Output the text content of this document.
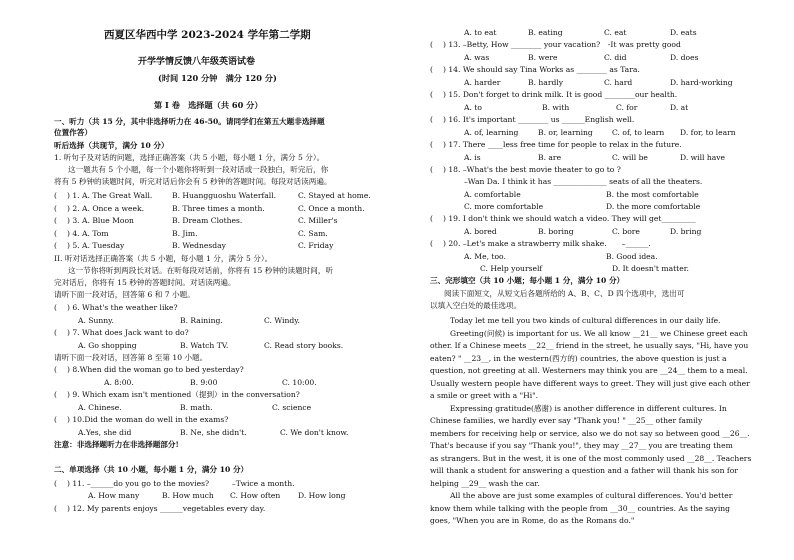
西夏区华西中学 2023-2024 学年第二学期
开学学情反馈八年级英语试卷
(时间 120 分钟　满分 120 分)
第 I 卷　选择题（共 60 分）
一、听力（共 15 分，其中非选择听力在 46-50。请同学们在第五大题非选择题
位置作答）
听后选择（共现节，满分 10 分）
1. 听句子及对话的问题，选择正确答案（共 5 小题，每小题 1 分，满分 5 分）。
这一题共有 5 个小题，每一个小题你将听到一段对话或一段独白，听完后，你
将有 5 秒钟的读题时间，听完对话后你会有 5 秒钟的答题时间。每段对话读两遍。
(　 ) 1. A. The Great Wall.	B. Huangguoshu Waterfall.	C. Stayed at home.
(　 ) 2. A. Once a week.	B. Three times a month.	C. Once a month.
(　 ) 3. A. Blue Moon	B. Dream Clothes.	C. Miller's
(　 ) 4. A. Tom	B. Jim.	C. Sam.
(　 ) 5. A. Tuesday	B. Wednesday	C. Friday
II. 听对话选择正确答案（共 5 小题，每小题 1 分，满分 5 分）。
这一节你将听到两段长对话。在听每段对话前，你将有 15 秒钟的读题时间，听
完对话后，你将有 15 秒钟的答题时间。对话读两遍。
请听下面一段对话，回答第 6 和 7 小题。
(　 ) 6. What's the weather like?
A. Sunny.	B. Raining.	C. Windy.
(　 ) 7. What does Jack want to do?
A. Go shopping	B. Watch TV.	C. Read story books.
请听下面一段对话，回答第 8 至第 10 小题。
(　 ) 8.When did the woman go to bed yesterday?
A. 8:00.	B. 9:00	C. 10:00.
(　 ) 9. Which exam isn't mentioned（提到）in the conversation?
A. Chinese.	B. math.	C. science
(　 ) 10.Did the woman do well in the exams?
A.Yes, she did	B. Ne, she didn't.	C. We don't know.
注意：非选择题听力在非选择题部分!
二、单项选择（共 10 小题，每小题 1 分，满分 10 分）
(　 ) 11. –______do you go to the movies?　　　–Twice a month.
A. How many	B. How much C. How often D. How long
(　 ) 12. My parents enjoys ______vegetables every day.
A. to eat	B. eating	C. eat	D. eats
(　 ) 13. –Betty, How ________ your vacation?　-It was pretty good
A. was	B. were	C. did	D. does
(　 ) 14. We should say Tina Works as ________ as Tara.
A. harder	B. hardly	C. hard	D. hard-working
(　 ) 15. Don't forget to drink milk. It is good ________our health.
A. to	B. with	C. for	D. at
(　 ) 16. It's important ________ us ______English well.
A. of, learning	B. or, learning	C. of, to learn D. for, to learn
(　 ) 17. There ____less free time for people to relax in the future.
A. is	B. are	C. will be	D. will have
(　 ) 18. –What's the best movie theater to go to ?
–Wan Da. I think it has ______________ seats of all the theaters.
A. comfortable	B. the most comfortable
C. more comfortable	D. the more comfortable
(　 ) 19. I don't think we should watch a video. They will get_________
A. bored	B. boring	C. bore	D. bring
(　 ) 20. –Let's make a strawberry milk shake.　　–______.
A. Me, too.	B. Good idea.
C. Help yourself	D. It doesn't matter.
三、完形填空（共 10 小题；每小题 1 分，满分 10 分）
阅读下面短文，从短文后各题所给的 A、B、C、D 四个选项中，选出可
以填入空白处的最佳选项。
Today let me tell you two kinds of cultural differences in our daily life.
Greeting(问候) is important for us. We all know __21__ we Chinese greet each
other. If a Chinese meets __22__ friend in the street, he usually says, "Hi, have you
eaten? " __23__, in the western(西方的) countries, the above question is just a
question, not greeting at all. Westerners may think you are __24__ them to a meal.
Usually western people have different ways to greet. They will just give each other
a smile or greet with a "Hi".
Expressing gratitude(感谢) is another difference in different cultures. In
Chinese families, we hardly ever say "Thank you! " __25__ other family
members for receiving help or service, also we do not say so between good __26__.
That's because if you say "Thank you!", they may __27__ you are treating them
as strangers. But in the west, it is one of the most commonly used __28__. Teachers
will thank a student for answering a question and a father will thank his son for
helping __29__ wash the car.
All the above are just some examples of cultural differences. You'd better
know them while talking with the people from __30__ countries. As the saying
goes, "When you are in Rome, do as the Romans do."
